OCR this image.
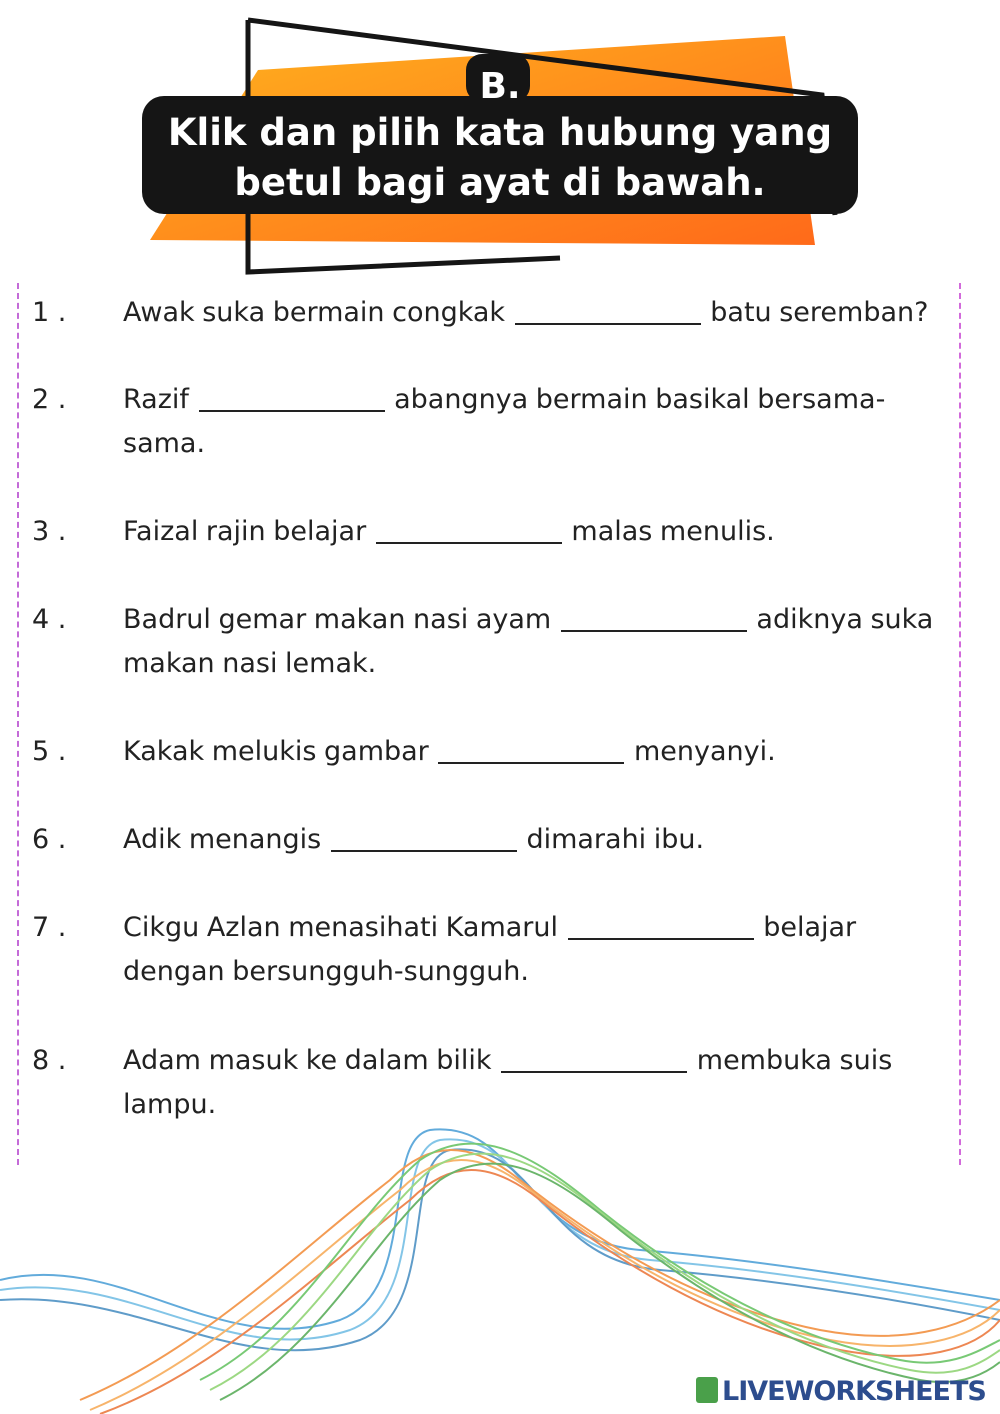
B.
Klik dan pilih kata hubung yang
betul bagi ayat di bawah.
1 . Awak suka bermain congkak	batu seremban?
2 . Razif	abangnya bermain basikal bersama-sama.
3 . Faizal rajin belajar	malas menulis.
4 . Badrul gemar makan nasi ayam	adiknya suka makan nasi lemak.
5 . Kakak melukis gambar	menyanyi.
6 . Adik menangis	dimarahi ibu.
7 . Cikgu Azlan menasihati Kamarul	belajar dengan bersungguh-sungguh.
8 . Adam masuk ke dalam bilik	membuka suis lampu.
LIVEWORKSHEETS
